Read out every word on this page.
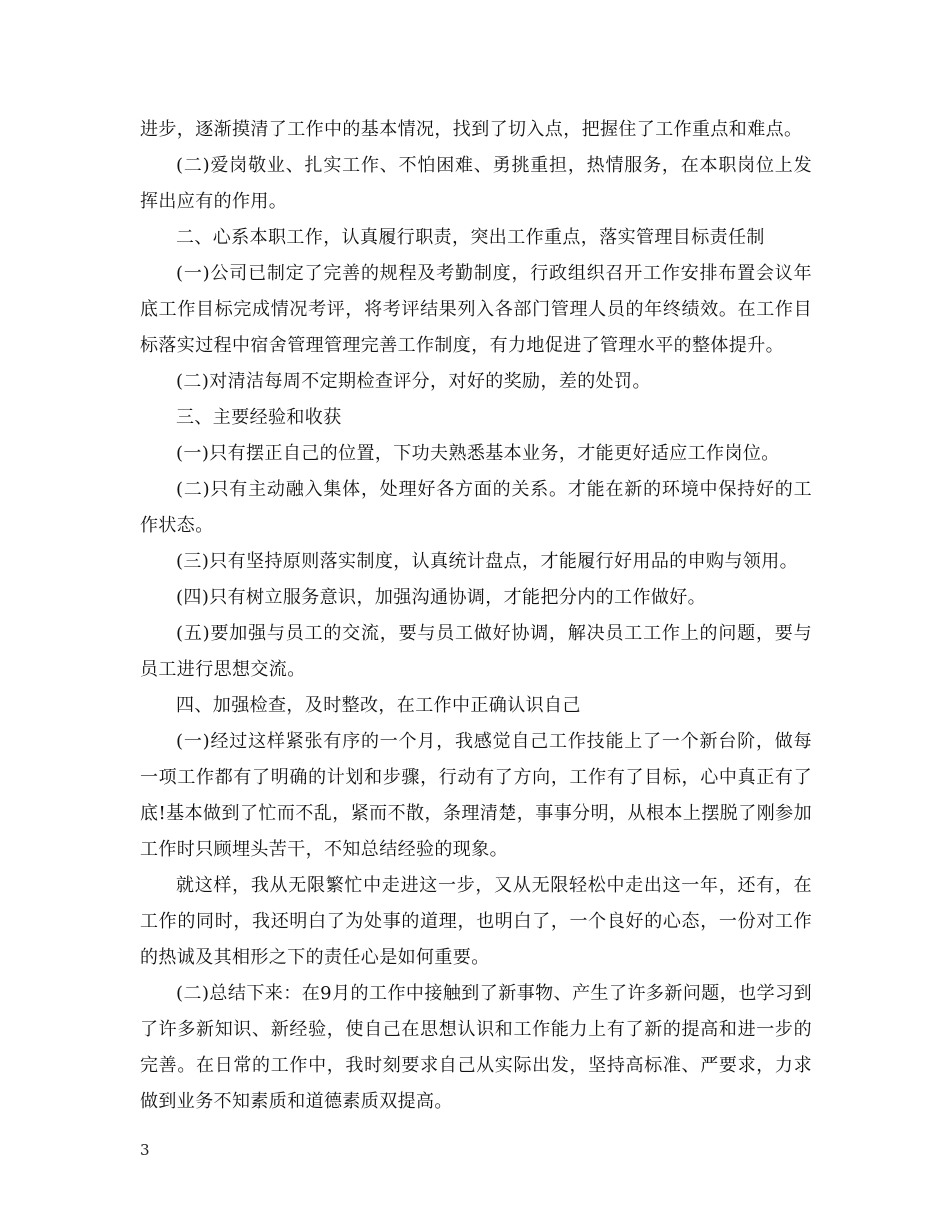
进步，逐渐摸清了工作中的基本情况，找到了切入点，把握住了工作重点和难点。

(二)爱岗敬业、扎实工作、不怕困难、勇挑重担，热情服务，在本职岗位上发挥出应有的作用。

二、心系本职工作，认真履行职责，突出工作重点，落实管理目标责任制

(一)公司已制定了完善的规程及考勤制度，行政组织召开工作安排布置会议年底工作目标完成情况考评，将考评结果列入各部门管理人员的年终绩效。在工作目标落实过程中宿舍管理管理完善工作制度，有力地促进了管理水平的整体提升。

(二)对清洁每周不定期检查评分，对好的奖励，差的处罚。

三、主要经验和收获

(一)只有摆正自己的位置，下功夫熟悉基本业务，才能更好适应工作岗位。

(二)只有主动融入集体，处理好各方面的关系。才能在新的环境中保持好的工作状态。

(三)只有坚持原则落实制度，认真统计盘点，才能履行好用品的申购与领用。

(四)只有树立服务意识，加强沟通协调，才能把分内的工作做好。

(五)要加强与员工的交流，要与员工做好协调，解决员工工作上的问题，要与员工进行思想交流。

四、加强检查，及时整改，在工作中正确认识自己

(一)经过这样紧张有序的一个月，我感觉自己工作技能上了一个新台阶，做每一项工作都有了明确的计划和步骤，行动有了方向，工作有了目标，心中真正有了底!基本做到了忙而不乱，紧而不散，条理清楚，事事分明，从根本上摆脱了刚参加工作时只顾埋头苦干，不知总结经验的现象。

就这样，我从无限繁忙中走进这一步，又从无限轻松中走出这一年，还有，在工作的同时，我还明白了为处事的道理，也明白了，一个良好的心态，一份对工作的热诚及其相形之下的责任心是如何重要。

(二)总结下来：在9月的工作中接触到了新事物、产生了许多新问题，也学习到了许多新知识、新经验，使自己在思想认识和工作能力上有了新的提高和进一步的完善。在日常的工作中，我时刻要求自己从实际出发，坚持高标准、严要求，力求做到业务不知素质和道德素质双提高。

3
